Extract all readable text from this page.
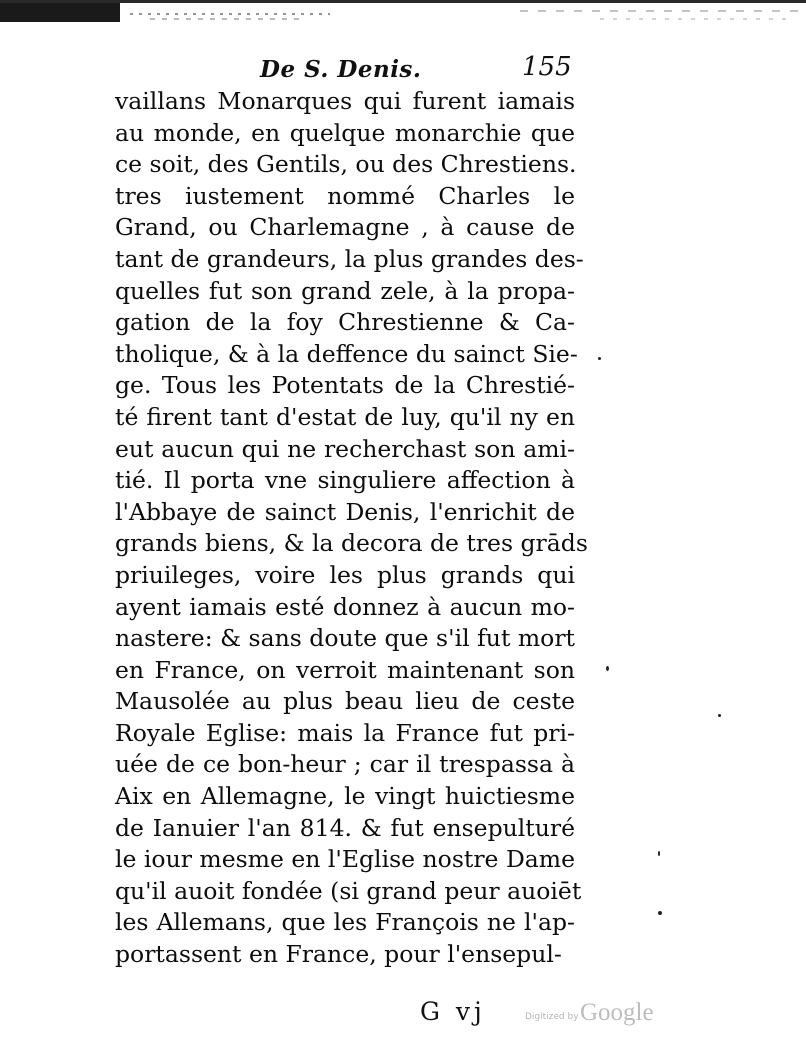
De S. Denis.	155
vaillans Monarques qui furent iamais
au monde, en quelque monarchie que
ce soit, des Gentils, ou des Chrestiens.
tres iustement nommé Charles le
Grand, ou Charlemagne , à cause de
tant de grandeurs, la plus grandes des-
quelles fut son grand zele, à la propa-
gation de la foy Chrestienne & Ca-
tholique, & à la deffence du sainct Sie-
ge. Tous les Potentats de la Chrestié-
té firent tant d'estat de luy, qu'il ny en
eut aucun qui ne recherchast son ami-
tié. Il porta vne singuliere affection à
l'Abbaye de sainct Denis, l'enrichit de
grands biens, & la decora de tres grāds
priuileges, voire les plus grands qui
ayent iamais esté donnez à aucun mo-
nastere: & sans doute que s'il fut mort
en France, on verroit maintenant son
Mausolée au plus beau lieu de ceste
Royale Eglise: mais la France fut pri-
uée de ce bon-heur ; car il trespassa à
Aix en Allemagne, le vingt huictiesme
de Ianuier l'an 814. & fut ensepulturé
le iour mesme en l'Eglise nostre Dame
qu'il auoit fondée (si grand peur auoiēt
les Allemans, que les François ne l'ap-
portassent en France, pour l'ensepul-
G vj	Digitized by Google
